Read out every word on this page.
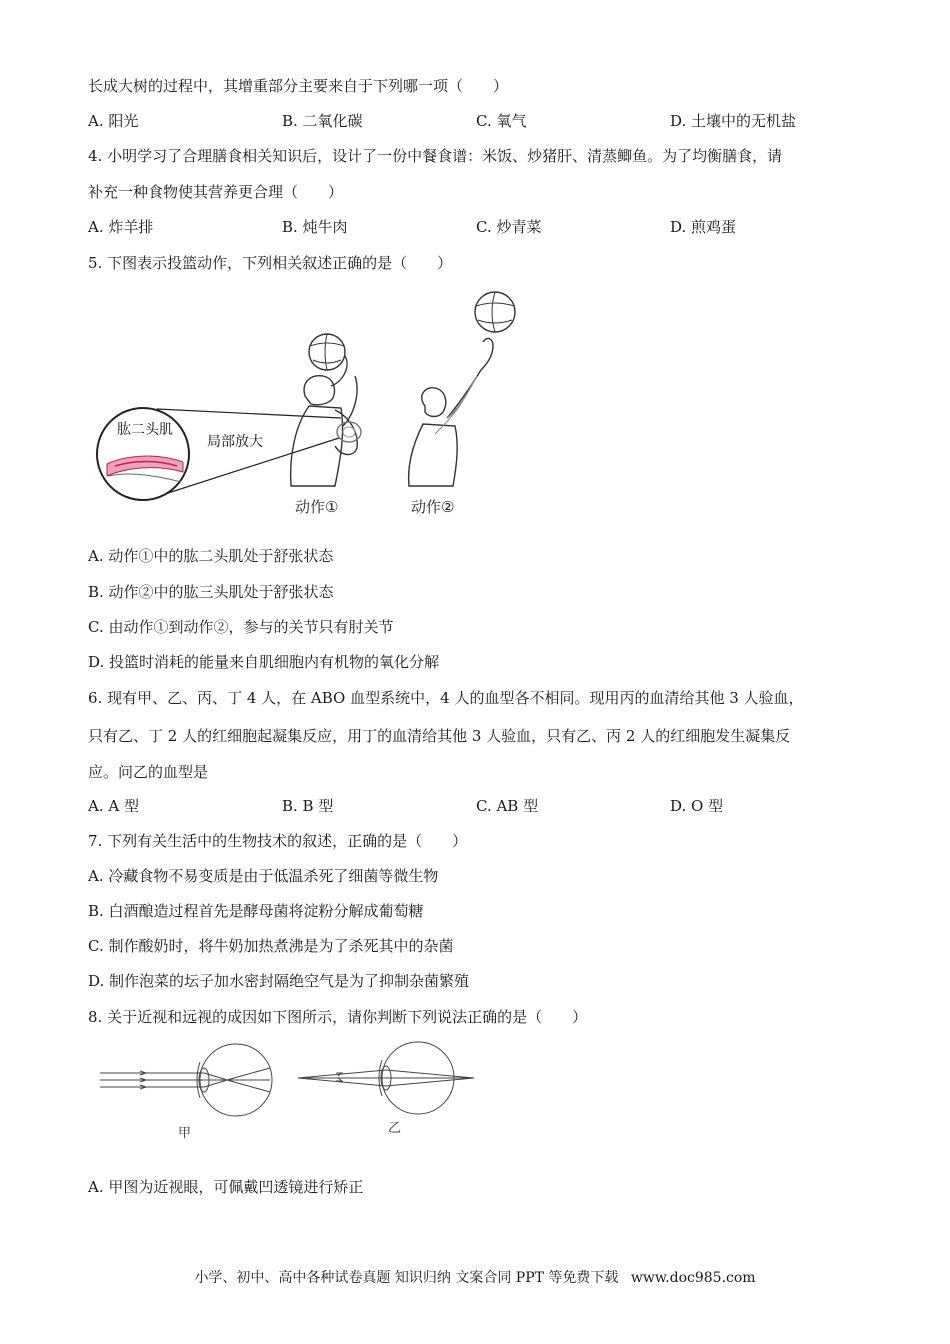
长成大树的过程中，其增重部分主要来自于下列哪一项（　　）
A. 阳光	B. 二氧化碳	C. 氧气	D. 土壤中的无机盐
4. 小明学习了合理膳食相关知识后，设计了一份中餐食谱：米饭、炒猪肝、清蒸鲫鱼。为了均衡膳食，请
补充一种食物使其营养更合理（　　）
A. 炸羊排	B. 炖牛肉	C. 炒青菜	D. 煎鸡蛋
5. 下图表示投篮动作，下列相关叙述正确的是（　　）
肱二头肌
局部放大
动作①	动作②
A. 动作①中的肱二头肌处于舒张状态
B. 动作②中的肱三头肌处于舒张状态
C. 由动作①到动作②，参与的关节只有肘关节
D. 投篮时消耗的能量来自肌细胞内有机物的氧化分解
6. 现有甲、乙、丙、丁 4 人，在 ABO 血型系统中，4 人的血型各不相同。现用丙的血清给其他 3 人验血，
只有乙、丁 2 人的红细胞起凝集反应，用丁的血清给其他 3 人验血，只有乙、丙 2 人的红细胞发生凝集反
应。问乙的血型是
A. A 型	B. B 型	C. AB 型	D. O 型
7. 下列有关生活中的生物技术的叙述，正确的是（　　）
A. 冷藏食物不易变质是由于低温杀死了细菌等微生物
B. 白酒酿造过程首先是酵母菌将淀粉分解成葡萄糖
C. 制作酸奶时，将牛奶加热煮沸是为了杀死其中的杂菌
D. 制作泡菜的坛子加水密封隔绝空气是为了抑制杂菌繁殖
8. 关于近视和远视的成因如下图所示，请你判断下列说法正确的是（　　）
甲	乙
A. 甲图为近视眼，可佩戴凹透镜进行矫正
小学、初中、高中各种试卷真题 知识归纳 文案合同 PPT 等免费下载 www.doc985.com
